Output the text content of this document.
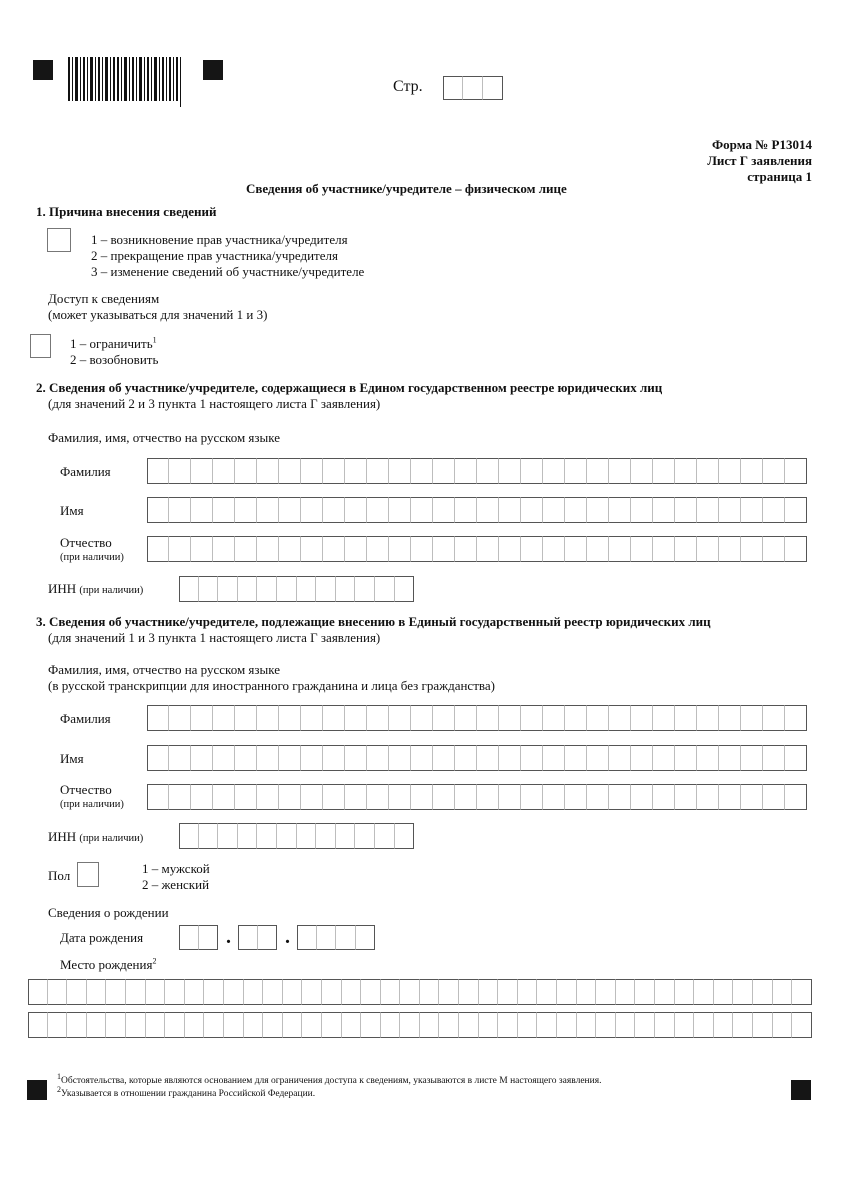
Стр.
Форма № Р13014
Лист Г заявления
страница 1
Сведения об участнике/учредителе – физическом лице
1. Причина внесения сведений
1 – возникновение прав участника/учредителя
2 – прекращение прав участника/учредителя
3 – изменение сведений об участнике/учредителе
Доступ к сведениям
(может указываться для значений 1 и 3)
1 – ограничить$^1$
2 – возобновить
2. Сведения об участнике/учредителе, содержащиеся в Едином государственном реестре юридических лиц
(для значений 2 и 3 пункта 1 настоящего листа Г заявления)
Фамилия, имя, отчество на русском языке
Фамилия
Имя
Отчество
(при наличии)
ИНН (при наличии)
3. Сведения об участнике/учредителе, подлежащие внесению в Единый государственный реестр юридических лиц
(для значений 1 и 3 пункта 1 настоящего листа Г заявления)
Фамилия, имя, отчество на русском языке
(в русской транскрипции для иностранного гражданина и лица без гражданства)
Фамилия
Имя
Отчество
(при наличии)
ИНН (при наличии)
Пол	1 – мужской
2 – женский
Сведения о рождении
Дата рождения	.	.
Место рождения$^2$
$^1$Обстоятельства, которые являются основанием для ограничения доступа к сведениям, указываются в листе М настоящего заявления.
$^2$Указывается в отношении гражданина Российской Федерации.
